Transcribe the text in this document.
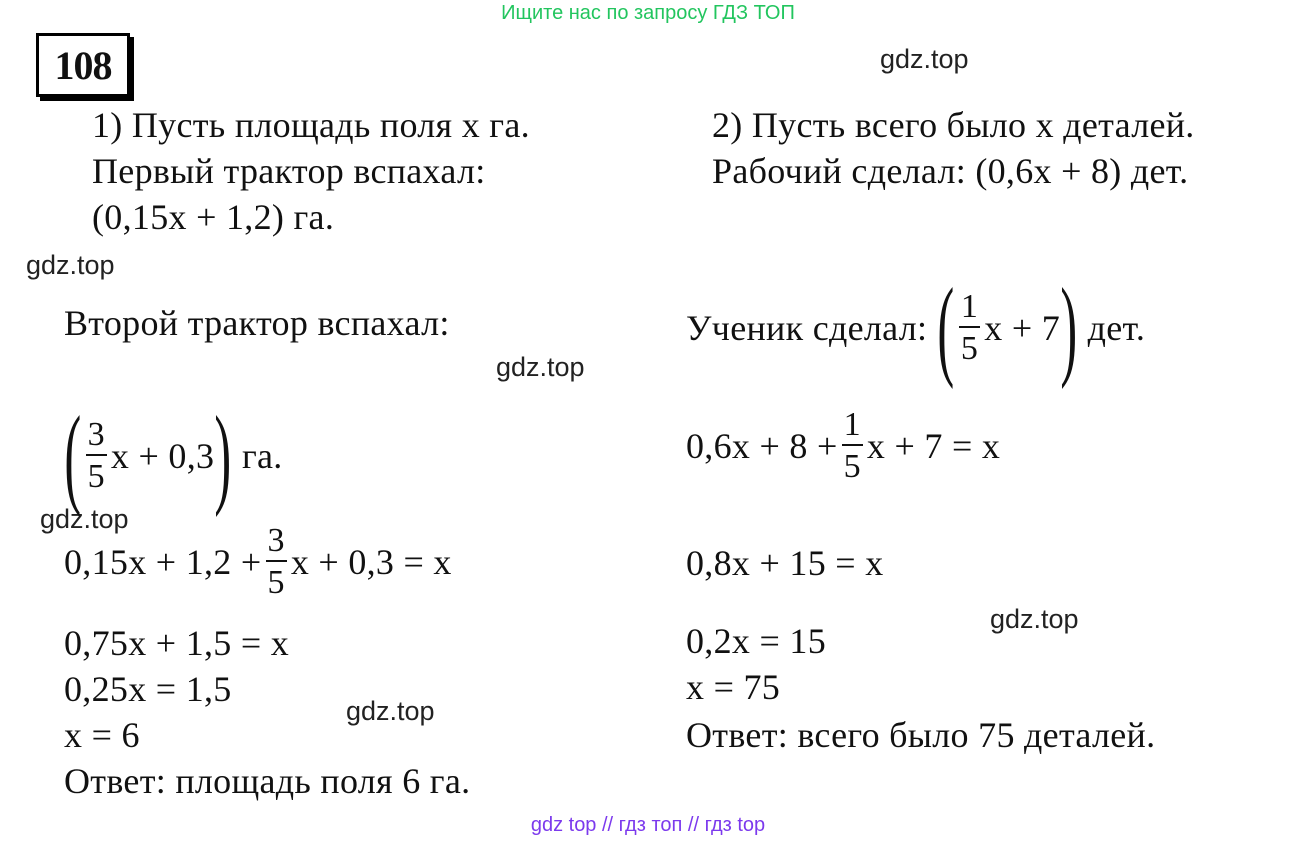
Ищите нас по запросу ГДЗ ТОП
108	gdz.top
gdz.top
gdz.top
gdz.top
gdz.top
gdz.top
1) Пусть площадь поля x га.
Первый трактор вспахал:
(0,15x + 1,2) га.
Второй трактор вспахал:
( $\frac{3}{5}$ x + 0,3) га.
$0,15x + 1,2 + \frac{3}{5}$ x + 0,3 = x
0,75x + 1,5 = x
0,25x = 1,5
x = 6
Ответ: площадь поля 6 га.
2) Пусть всего было x деталей.
Рабочий сделал: (0,6x + 8) дет.
Ученик сделал:( $\frac{1}{5}$ x + 7) дет.
$0,6x + 8 + \frac{1}{5}$ x + 7 = x
0,8x + 15 = x
0,2x = 15
x = 75
Ответ: всего было 75 деталей.
gdz top // гдз топ // гдз top
